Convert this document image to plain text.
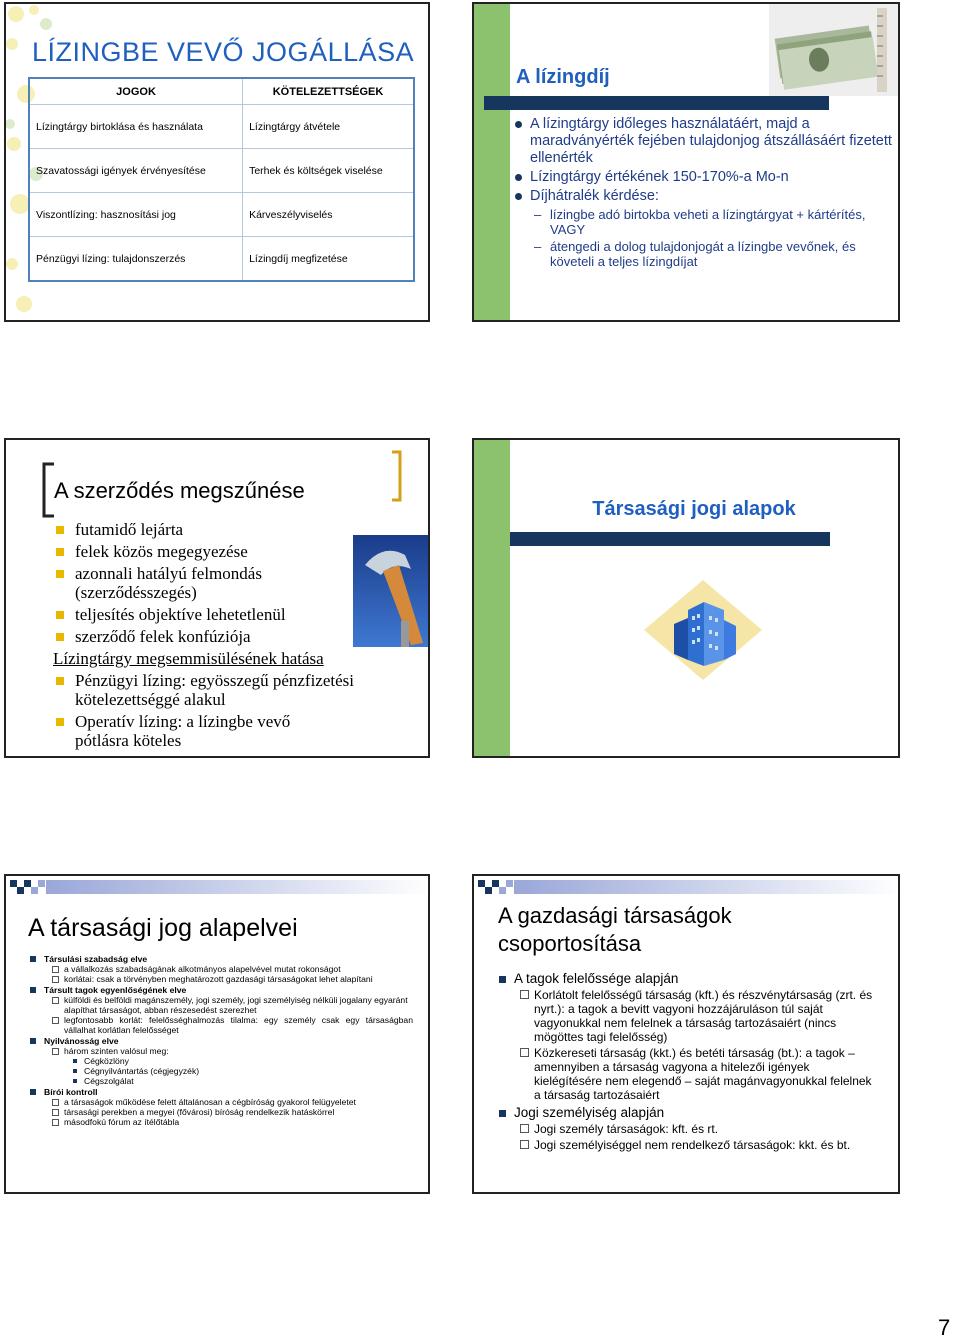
LÍZINGBE VEVŐ JOGÁLLÁSA
JOGOK	KÖTELEZETTSÉGEK
Lízingtárgy birtoklása és használata	Lízingtárgy átvétele
Szavatossági igények érvényesítése	Terhek és költségek viselése
Viszontlízing: hasznosítási jog	Kárveszélyviselés
Pénzügyi lízing: tulajdonszerzés	Lízingdíj megfizetése
A lízingdíj
A lízingtárgy időleges használatáért, majd a maradványérték fejében tulajdonjog átszállásáért fizetett ellenérték
Lízingtárgy értékének 150-170%-a Mo-n
Díjhátralék kérdése:
– lízingbe adó birtokba veheti a lízingtárgyat + kártérítés, VAGY
– átengedi a dolog tulajdonjogát a lízingbe vevőnek, és követeli a teljes lízingdíjat
A szerződés megszűnése
futamidő lejárta
felek közös megegyezése
azonnali hatályú felmondás (szerződésszegés)
teljesítés objektíve lehetetlenül
szerződő felek konfúziója
Lízingtárgy megsemmisülésének hatása
Pénzügyi lízing: egyösszegű pénzfizetési kötelezettséggé alakul
Operatív lízing: a lízingbe vevő pótlásra köteles
Társasági jogi alapok
A társasági jog alapelvei
Társulási szabadság elve
a vállalkozás szabadságának alkotmányos alapelvével mutat rokonságot
korlátai: csak a törvényben meghatározott gazdasági társaságokat lehet alapítani
Társult tagok egyenlőségének elve
külföldi és belföldi magánszemély, jogi személy, jogi személyiség nélküli jogalany egyaránt alapíthat társaságot, abban részesedést szerezhet
legfontosabb korlát: felelősséghalmozás tilalma: egy személy csak egy társaságban vállalhat korlátlan felelősséget
Nyilvánosság elve
három szinten valósul meg:
Cégközlöny
Cégnyilvántartás (cégjegyzék)
Cégszolgálat
Bírói kontroll
a társaságok működése felett általánosan a cégbíróság gyakorol felügyeletet
társasági perekben a megyei (fővárosi) bíróság rendelkezik hatáskörrel
másodfokú fórum az ítélőtábla
A gazdasági társaságok
csoportosítása
A tagok felelőssége alapján
Korlátolt felelősségű társaság (kft.) és részvénytársaság (zrt. és nyrt.): a tagok a bevitt vagyoni hozzájáruláson túl saját vagyonukkal nem felelnek a társaság tartozásaiért (nincs mögöttes tagi felelősség)
Közkereseti társaság (kkt.) és betéti társaság (bt.): a tagok – amennyiben a társaság vagyona a hitelezői igények kielégítésére nem elegendő – saját magánvagyonukkal felelnek a társaság tartozásaiért
Jogi személyiség alapján
Jogi személy társaságok: kft. és rt.
Jogi személyiséggel nem rendelkező társaságok: kkt. és bt.
7
